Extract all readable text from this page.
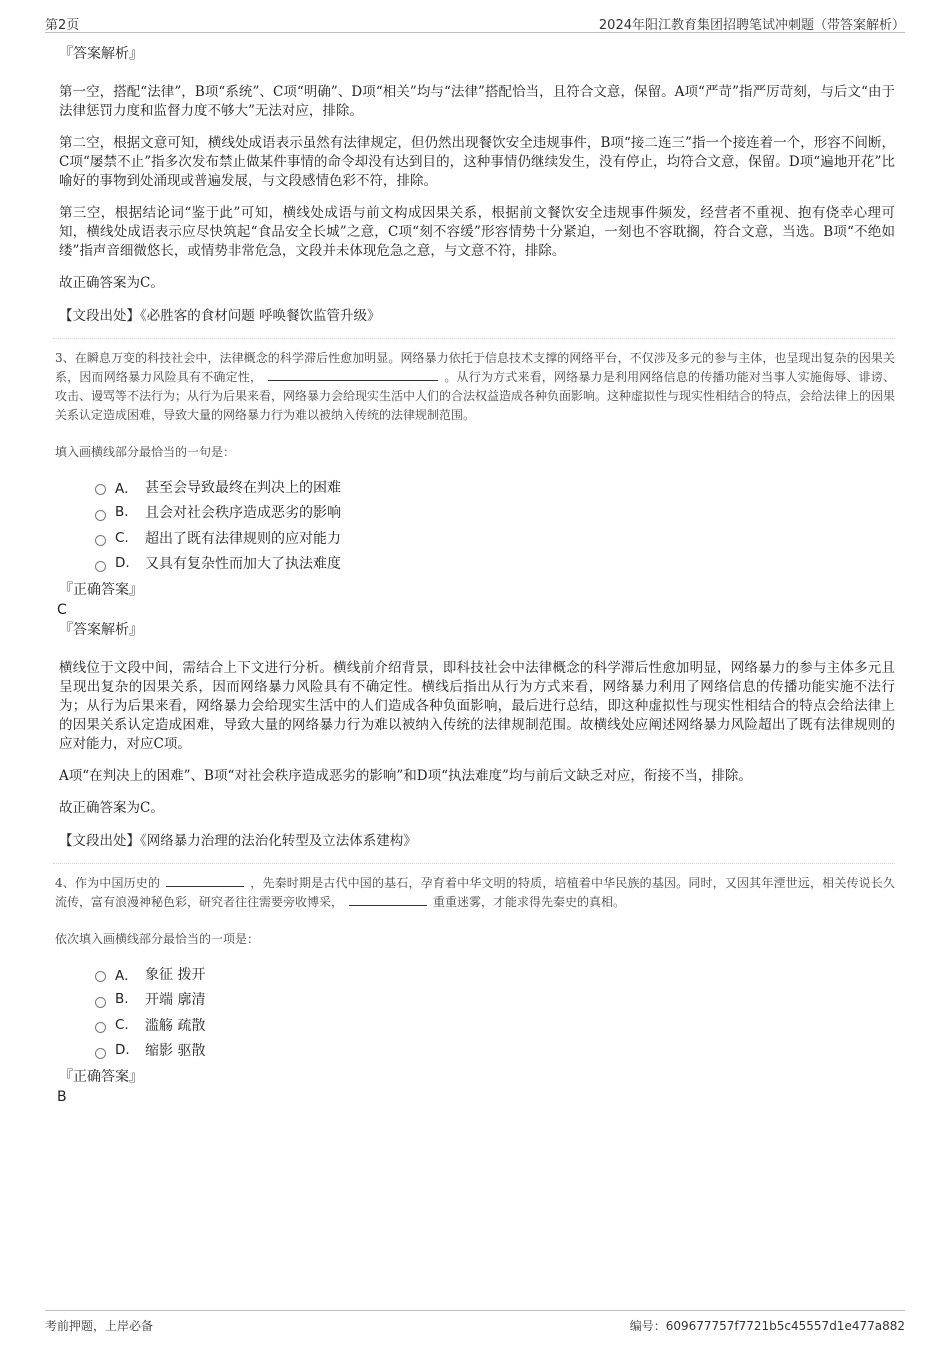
第2页	2024年阳江教育集团招聘笔试冲刺题（带答案解析）
『答案解析』

第一空，搭配“法律”，B项“系统”、C项“明确”、D项“相关”均与“法律”搭配恰当，且符合文意，保留。A项“严苛”指严厉苛刻，与后文“由于法律惩罚力度和监督力度不够大”无法对应，排除。

第二空，根据文意可知，横线处成语表示虽然有法律规定，但仍然出现餐饮安全违规事件，B项“接二连三”指一个接连着一个，形容不间断，C项“屡禁不止”指多次发布禁止做某件事情的命令却没有达到目的，这种事情仍继续发生，没有停止，均符合文意，保留。D项“遍地开花”比喻好的事物到处涌现或普遍发展，与文段感情色彩不符，排除。

第三空，根据结论词“鉴于此”可知，横线处成语与前文构成因果关系，根据前文餐饮安全违规事件频发，经营者不重视、抱有侥幸心理可知，横线处成语表示应尽快筑起“食品安全长城”之意，C项“刻不容缓”形容情势十分紧迫，一刻也不容耽搁，符合文意，当选。B项“不绝如缕”指声音细微悠长，或情势非常危急，文段并未体现危急之意，与文意不符，排除。

故正确答案为C。

【文段出处】《必胜客的食材问题 呼唤餐饮监管升级》

3、在瞬息万变的科技社会中，法律概念的科学滞后性愈加明显。网络暴力依托于信息技术支撑的网络平台，不仅涉及多元的参与主体，也呈现出复杂的因果关系，因而网络暴力风险具有不确定性，	。从行为方式来看，网络暴力是利用网络信息的传播功能对当事人实施侮辱、诽谤、攻击、谩骂等不法行为；从行为后果来看，网络暴力会给现实生活中人们的合法权益造成各种负面影响。这种虚拟性与现实性相结合的特点，会给法律上的因果关系认定造成困难，导致大量的网络暴力行为难以被纳入传统的法律规制范围。

填入画横线部分最恰当的一句是：
A． 甚至会导致最终在判决上的困难
B.	且会对社会秩序造成恶劣的影响
C.	超出了既有法律规则的应对能力
D.	又具有复杂性而加大了执法难度
『正确答案』
C
『答案解析』

横线位于文段中间，需结合上下文进行分析。横线前介绍背景，即科技社会中法律概念的科学滞后性愈加明显，网络暴力的参与主体多元且呈现出复杂的因果关系，因而网络暴力风险具有不确定性。横线后指出从行为方式来看，网络暴力利用了网络信息的传播功能实施不法行为；从行为后果来看，网络暴力会给现实生活中的人们造成各种负面影响，最后进行总结，即这种虚拟性与现实性相结合的特点会给法律上的因果关系认定造成困难，导致大量的网络暴力行为难以被纳入传统的法律规制范围。故横线处应阐述网络暴力风险超出了既有法律规则的应对能力，对应C项。

A项“在判决上的困难”、B项“对社会秩序造成恶劣的影响”和D项“执法难度”均与前后文缺乏对应，衔接不当，排除。

故正确答案为C。

【文段出处】《网络暴力治理的法治化转型及立法体系建构》

4、作为中国历史的	，先秦时期是古代中国的基石，孕育着中华文明的特质，培植着中华民族的基因。同时，又因其年湮世远，相关传说长久流传，富有浪漫神秘色彩，研究者往往需要旁收博采，	重重迷雾，才能求得先秦史的真相。

依次填入画横线部分最恰当的一项是：
A． 象征 拨开
B.	开端 廓清
C.	滥觞 疏散
D.	缩影 驱散
『正确答案』
B
考前押题，上岸必备	编号：609677757f7721b5c45557d1e477a882
